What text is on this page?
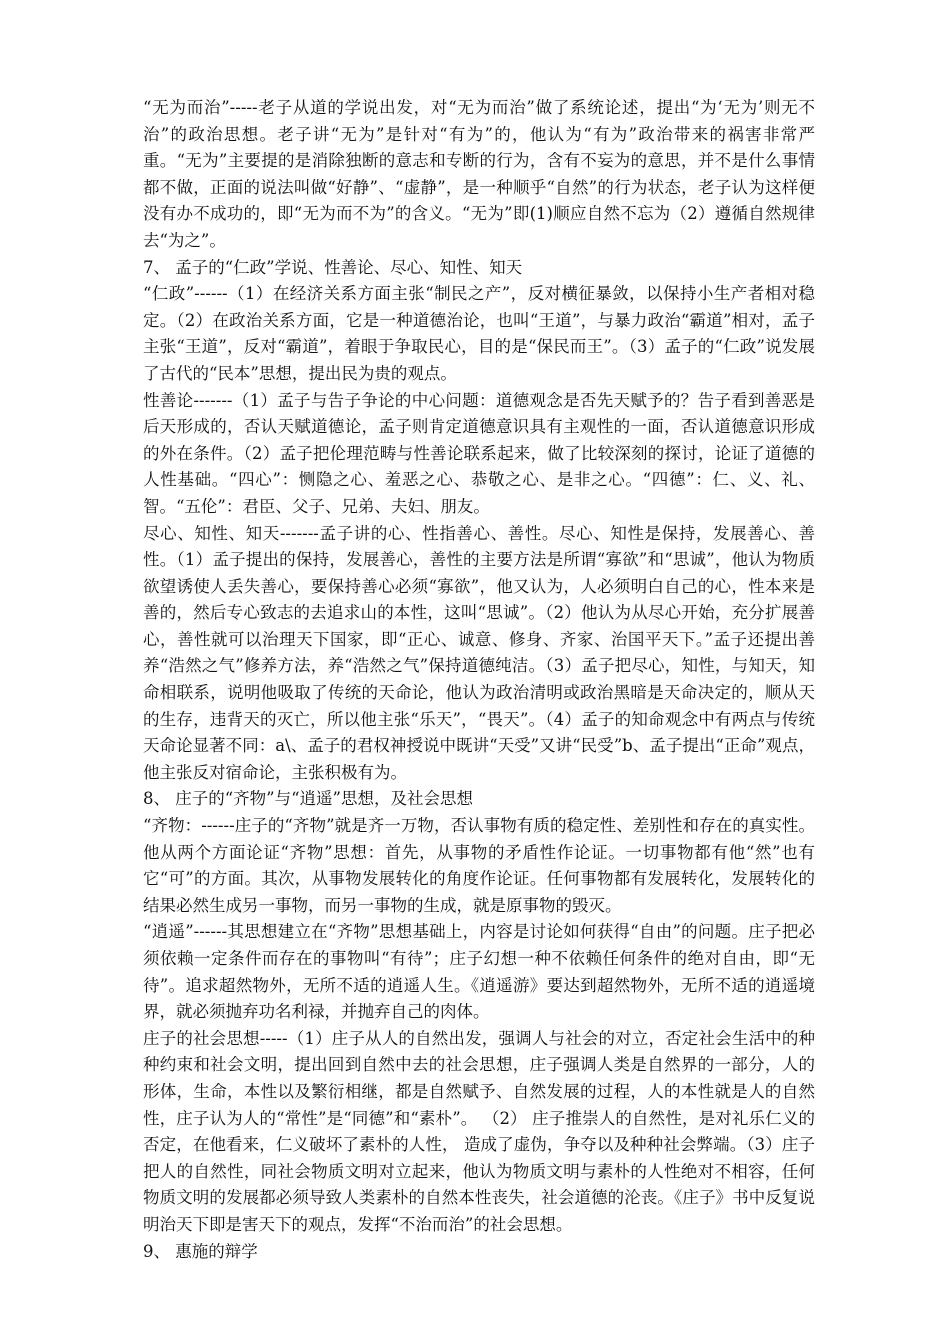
“无为而治”-----老子从道的学说出发，对“无为而治”做了系统论述，提出“为‘无为’则无不治”的政治思想。老子讲“无为”是针对“有为”的，他认为“有为”政治带来的祸害非常严重。“无为”主要提的是消除独断的意志和专断的行为，含有不妄为的意思，并不是什么事情都不做，正面的说法叫做“好静”、“虚静”，是一种顺乎“自然”的行为状态，老子认为这样便没有办不成功的，即“无为而不为”的含义。“无为”即(1)顺应自然不忘为（2）遵循自然规律去“为之”。

7、 孟子的“仁政”学说、性善论、尽心、知性、知天

“仁政”------（1）在经济关系方面主张“制民之产”，反对横征暴敛，以保持小生产者相对稳定。（2）在政治关系方面，它是一种道德治论，也叫“王道”，与暴力政治“霸道”相对，孟子主张“王道”，反对“霸道”，着眼于争取民心，目的是“保民而王”。（3）孟子的“仁政”说发展了古代的“民本”思想，提出民为贵的观点。

性善论-------（1）孟子与告子争论的中心问题：道德观念是否先天赋予的？告子看到善恶是后天形成的，否认天赋道德论，孟子则肯定道德意识具有主观性的一面，否认道德意识形成的外在条件。（2）孟子把伦理范畴与性善论联系起来，做了比较深刻的探讨，论证了道德的人性基础。“四心”：恻隐之心、羞恶之心、恭敬之心、是非之心。“四德”：仁、义、礼、智。“五伦”：君臣、父子、兄弟、夫妇、朋友。

尽心、知性、知天-------孟子讲的心、性指善心、善性。尽心、知性是保持，发展善心、善性。（1）孟子提出的保持，发展善心，善性的主要方法是所谓“寡欲”和“思诚”，他认为物质欲望诱使人丢失善心，要保持善心必须“寡欲”，他又认为，人必须明白自己的心，性本来是善的，然后专心致志的去追求山的本性，这叫“思诚”。（2）他认为从尽心开始，充分扩展善心，善性就可以治理天下国家，即“正心、诚意、修身、齐家、治国平天下。”孟子还提出善养“浩然之气”修养方法，养“浩然之气”保持道德纯洁。（3）孟子把尽心，知性，与知天，知命相联系，说明他吸取了传统的天命论，他认为政治清明或政治黑暗是天命决定的，顺从天的生存，违背天的灭亡，所以他主张“乐天”，“畏天”。（4）孟子的知命观念中有两点与传统天命论显著不同：a\、孟子的君权神授说中既讲“天受”又讲“民受”b、孟子提出“正命”观点，他主张反对宿命论，主张积极有为。

8、 庄子的“齐物”与“逍遥”思想，及社会思想

“齐物：------庄子的“齐物”就是齐一万物，否认事物有质的稳定性、差别性和存在的真实性。他从两个方面论证“齐物”思想：首先，从事物的矛盾性作论证。一切事物都有他“然”也有它“可”的方面。其次，从事物发展转化的角度作论证。任何事物都有发展转化，发展转化的结果必然生成另一事物，而另一事物的生成，就是原事物的毁灭。

“逍遥”------其思想建立在“齐物”思想基础上，内容是讨论如何获得“自由”的问题。庄子把必须依赖一定条件而存在的事物叫“有待”；庄子幻想一种不依赖任何条件的绝对自由，即“无待”。追求超然物外，无所不适的逍遥人生。《逍遥游》要达到超然物外，无所不适的逍遥境界，就必须抛弃功名利禄，并抛弃自己的肉体。

庄子的社会思想-----（1）庄子从人的自然出发，强调人与社会的对立，否定社会生活中的种种约束和社会文明，提出回到自然中去的社会思想，庄子强调人类是自然界的一部分，人的形体，生命，本性以及繁衍相继，都是自然赋予、自然发展的过程，人的本性就是人的自然性，庄子认为人的“常性”是“同德”和“素朴”。 （2） 庄子推崇人的自然性，是对礼乐仁义的否定，在他看来，仁义破坏了素朴的人性， 造成了虚伪，争夺以及种种社会弊端。（3）庄子把人的自然性，同社会物质文明对立起来，他认为物质文明与素朴的人性绝对不相容，任何物质文明的发展都必须导致人类素朴的自然本性丧失，社会道德的沦丧。《庄子》书中反复说明治天下即是害天下的观点，发挥“不治而治”的社会思想。

9、 惠施的辩学
